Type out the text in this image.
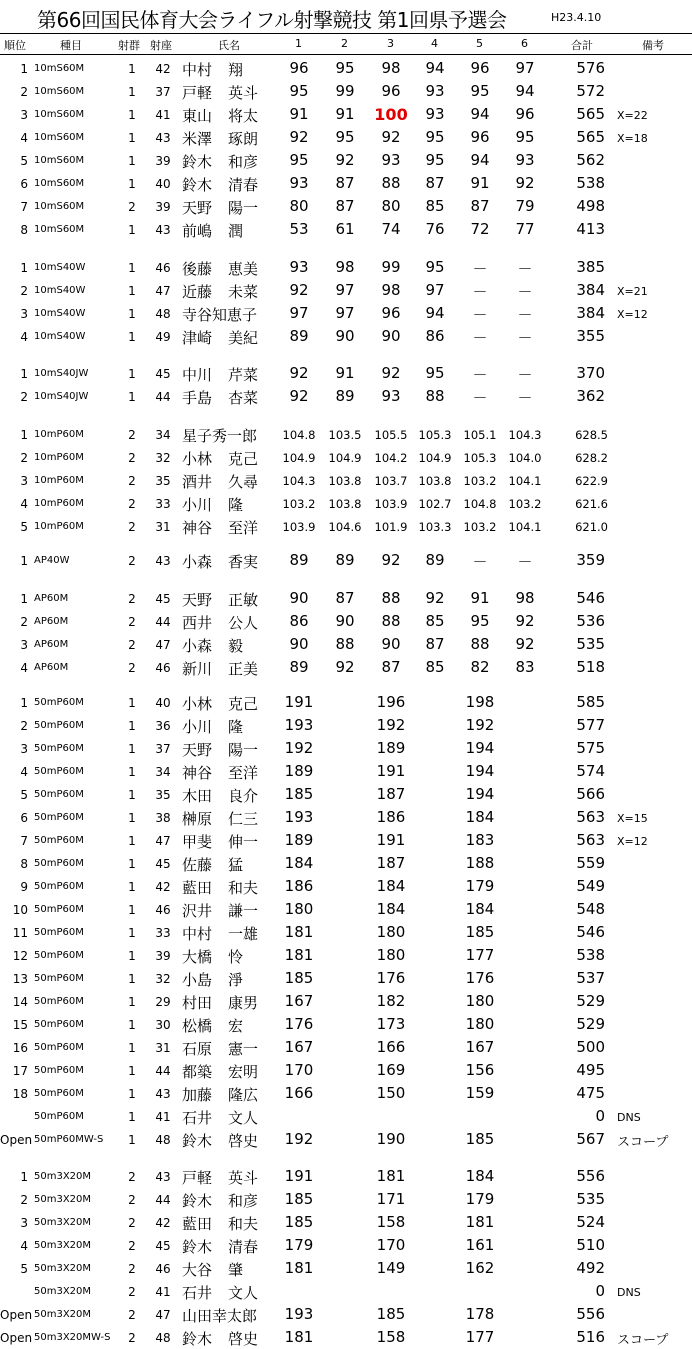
第66回国民体育大会ライフル射撃競技 第1回県予選会	H23.4.10
順位	種目	射群 射座	氏名	1	2	3	4	5	6	合計	備考
1 10mS60M	1	42 中村 翔	96	95	98	94	96	97	576
2 10mS60M	1	37 戸軽 英斗	95	99	96	93	95	94	572
3 10mS60M	1	41 東山 将太	91	91	100	93	94	96	565 X=22
4 10mS60M	1	43 米澤 琢朗	92	95	92	95	96	95	565 X=18
5 10mS60M	1	39 鈴木 和彦	95	92	93	95	94	93	562
6 10mS60M	1	40 鈴木 清春	93	87	88	87	91	92	538
7 10mS60M	2	39 天野 陽一	80	87	80	85	87	79	498
8 10mS60M	1	43 前嶋 潤	53	61	74	76	72	77	413
1 10mS40W	1	46 後藤 恵美	93	98	99	95	－	－	385
2 10mS40W	1	47 近藤 未菜	92	97	98	97	－	－	384 X=21
3 10mS40W	1	48 寺谷知恵子	97	97	96	94	－	－	384 X=12
4 10mS40W	1	49 津崎 美紀	89	90	90	86	－	－	355
1 10mS40JW	1	45 中川 芹菜	92	91	92	95	－	－	370
2 10mS40JW	1	44 手島 杏菜	92	89	93	88	－	－	362
1 10mP60M	2	34 星子秀一郎	104.8	103.5	105.5 105.3	105.1	104.3	628.5
2 10mP60M	2	32 小林 克己	104.9	104.9	104.2 104.9	105.3	104.0	628.2
3 10mP60M	2	35 酒井 久尋	104.3	103.8	103.7 103.8	103.2	104.1	622.9
4 10mP60M	2	33 小川 隆	103.2	103.8	103.9 102.7	104.8	103.2	621.6
5 10mP60M	2	31 神谷 至洋	103.9	104.6	101.9 103.3	103.2	104.1	621.0
1 AP40W	2	43 小森 香実	89	89	92	89	－	－	359
1 AP60M	2	45 天野 正敏	90	87	88	92	91	98	546
2 AP60M	2	44 西井 公人	86	90	88	85	95	92	536
3 AP60M	2	47 小森 毅	90	88	90	87	88	92	535
4 AP60M	2	46 新川 正美	89	92	87	85	82	83	518
1 50mP60M	1	40 小林 克己	191	196	198	585
2 50mP60M	1	36 小川 隆	193	192	192	577
3 50mP60M	1	37 天野 陽一	192	189	194	575
4 50mP60M	1	34 神谷 至洋	189	191	194	574
5 50mP60M	1	35 木田 良介	185	187	194	566
6 50mP60M	1	38 榊原 仁三	193	186	184	563 X=15
7 50mP60M	1	47 甲斐 伸一	189	191	183	563 X=12
8 50mP60M	1	45 佐藤 猛	184	187	188	559
9 50mP60M	1	42 藍田 和夫	186	184	179	549
10 50mP60M	1	46 沢井 謙一	180	184	184	548
11 50mP60M	1	33 中村 一雄	181	180	185	546
12 50mP60M	1	39 大橋 怜	181	180	177	538
13 50mP60M	1	32 小島 淨	185	176	176	537
14 50mP60M	1	29 村田 康男	167	182	180	529
15 50mP60M	1	30 松橋 宏	176	173	180	529
16 50mP60M	1	31 石原 憲一	167	166	167	500
17 50mP60M	1	44 都築 宏明	170	169	156	495
18 50mP60M	1	43 加藤 隆広	166	150	159	475
50mP60M	1	41 石井 文人	0 DNS
Open 50mP60MW-S	1	48 鈴木 啓史	192	190	185	567 スコープ
1 50m3X20M	2	43 戸軽 英斗	191	181	184	556
2 50m3X20M	2	44 鈴木 和彦	185	171	179	535
3 50m3X20M	2	42 藍田 和夫	185	158	181	524
4 50m3X20M	2	45 鈴木 清春	179	170	161	510
5 50m3X20M	2	46 大谷 肇	181	149	162	492
50m3X20M	2	41 石井 文人	0 DNS
Open 50m3X20M	2	47 山田幸太郎	193	185	178	556
Open 50m3X20MW-S	2	48 鈴木 啓史	181	158	177	516 スコープ
